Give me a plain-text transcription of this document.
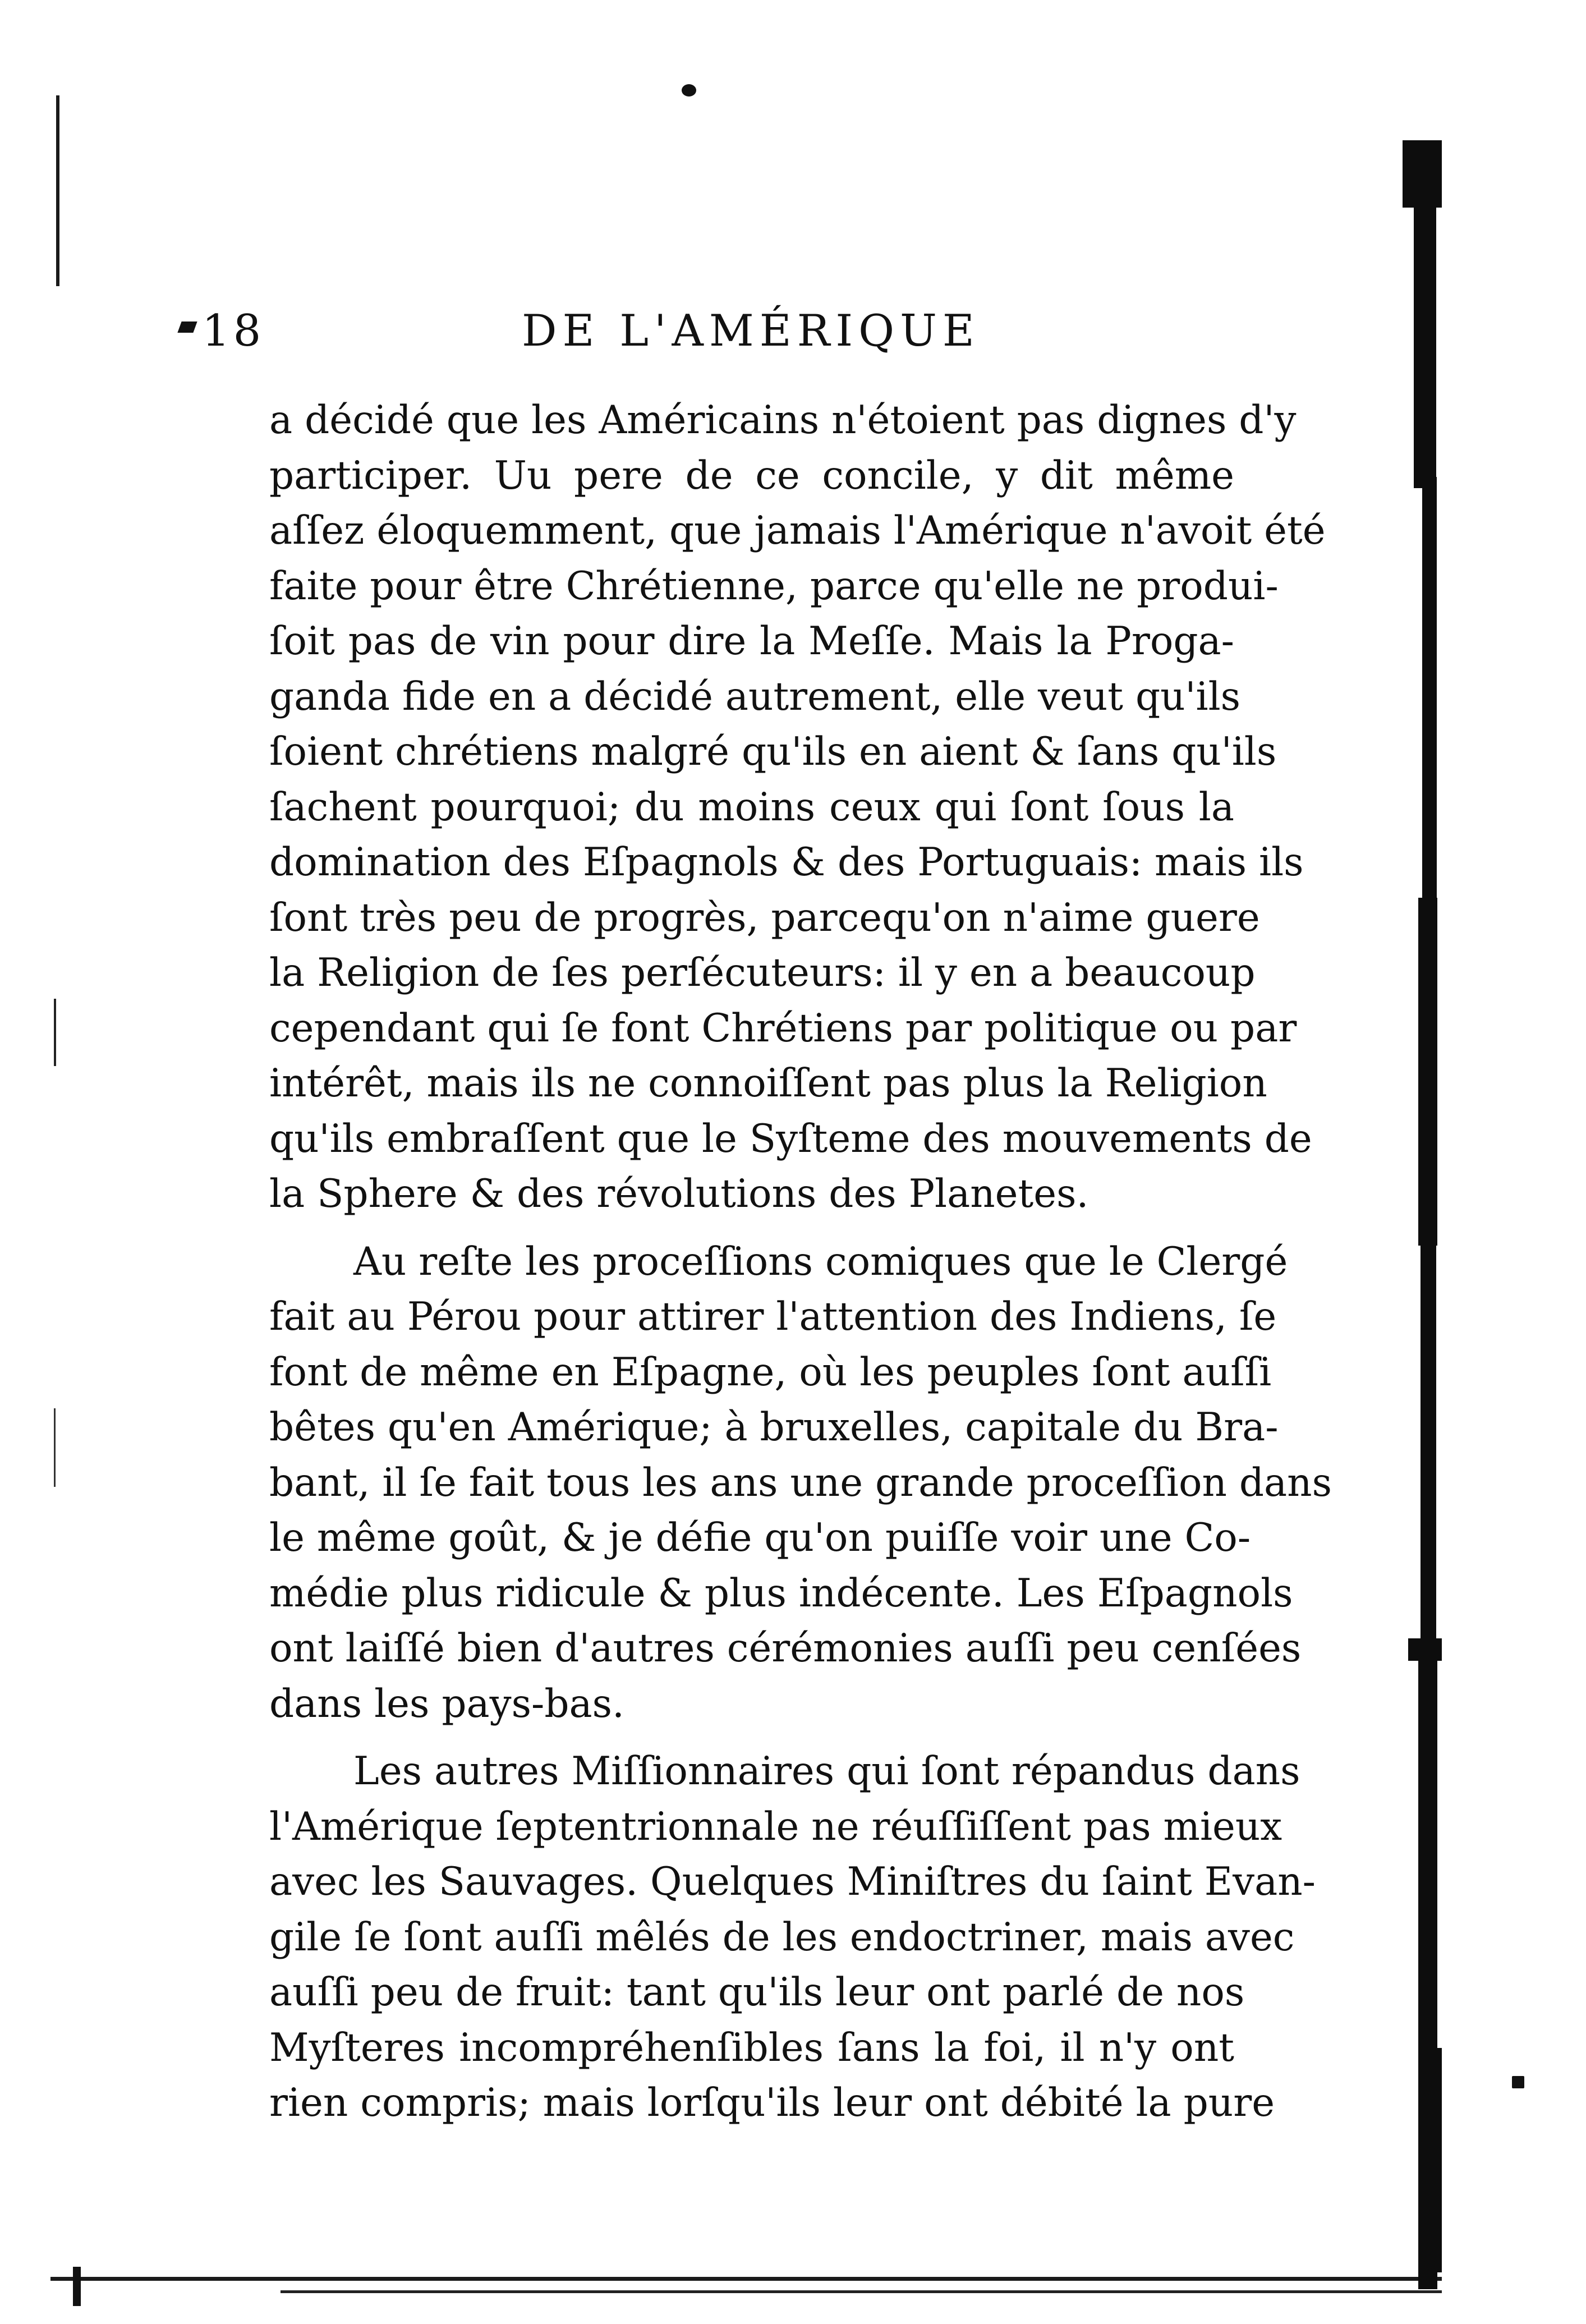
18	DE L'AMÉRIQUE
a décidé que les Américains n'étoient pas dignes d'y
participer. Uu pere de ce concile, y dit même
aſſez éloquemment, que jamais l'Amérique n'avoit été
faite pour être Chrétienne, parce qu'elle ne produi-
ſoit pas de vin pour dire la Meſſe. Mais la Proga-
ganda fide en a décidé autrement, elle veut qu'ils
ſoient chrétiens malgré qu'ils en aient & ſans qu'ils
ſachent pourquoi; du moins ceux qui ſont ſous la
domination des Eſpagnols & des Portuguais: mais ils
ſont très peu de progrès, parcequ'on n'aime guere
la Religion de ſes perſécuteurs: il y en a beaucoup
cependant qui ſe font Chrétiens par politique ou par
intérêt, mais ils ne connoiſſent pas plus la Religion
qu'ils embraſſent que le Syſteme des mouvements de
la Sphere & des révolutions des Planetes.
Au reſte les proceſſions comiques que le Clergé
fait au Pérou pour attirer l'attention des Indiens, ſe
font de même en Eſpagne, où les peuples ſont auſſi
bêtes qu'en Amérique; à bruxelles, capitale du Bra-
bant, il ſe fait tous les ans une grande proceſſion dans
le même goût, & je défie qu'on puiſſe voir une Co-
médie plus ridicule & plus indécente. Les Eſpagnols
ont laiſſé bien d'autres cérémonies auſſi peu cenſées
dans les pays-bas.
Les autres Miſſionnaires qui ſont répandus dans
l'Amérique ſeptentrionnale ne réuſſiſſent pas mieux
avec les Sauvages. Quelques Miniſtres du ſaint Evan-
gile ſe ſont auſſi mêlés de les endoctriner, mais avec
auſſi peu de fruit: tant qu'ils leur ont parlé de nos
Myſteres incompréhenſibles ſans la foi, il n'y ont
rien compris; mais lorſqu'ils leur ont débité la pure
